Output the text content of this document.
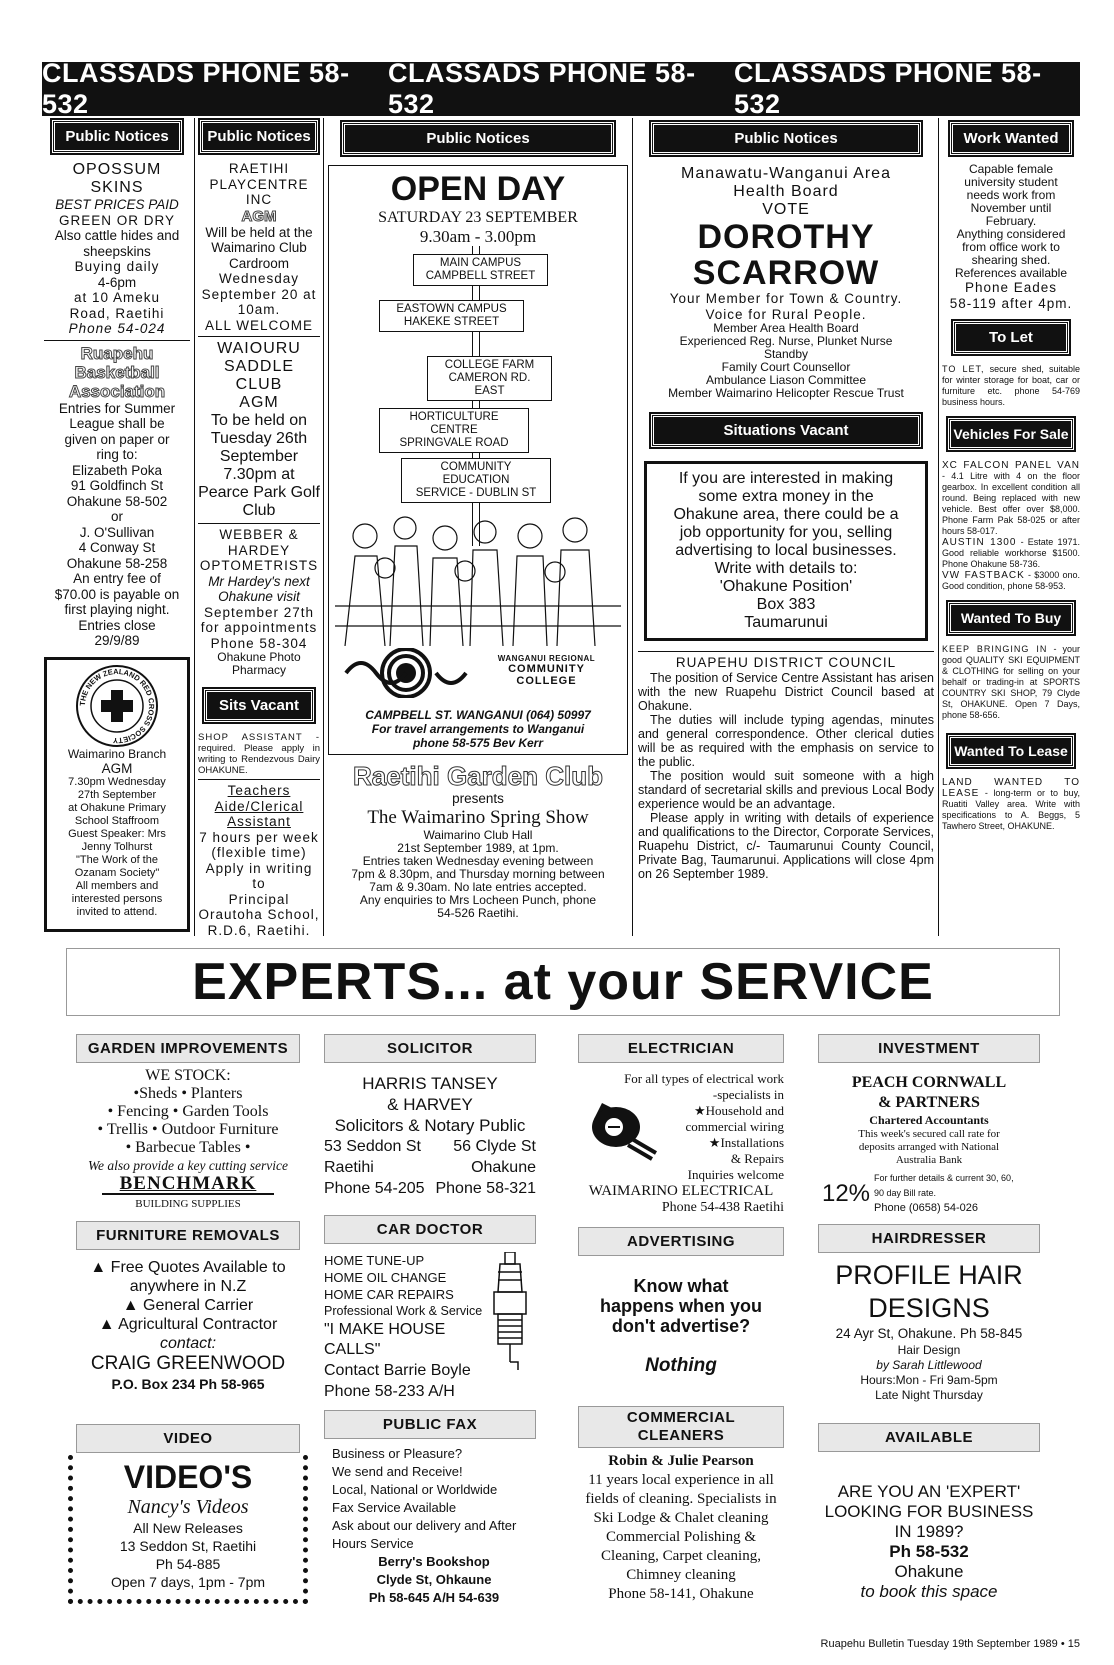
CLASSADS PHONE 58-532
CLASSADS PHONE 58-532
CLASSADS PHONE 58-532
Public Notices
OPOSSUM
SKINS
BEST PRICES PAID
GREEN OR DRY
Also cattle hides and
sheepskins
Buying daily
4-6pm
at 10 Ameku
Road, Raetihi
Phone 54-024
Ruapehu
Basketball
Association
Entries for Summer
League shall be
given on paper or
ring to:
Elizabeth Poka
91 Goldfinch St
Ohakune 58-502
or
J. O'Sullivan
4 Conway St
Ohakune 58-258
An entry fee of
$70.00 is payable on
first playing night.
Entries close
29/9/89
THE NEW ZEALAND RED CROSS SOCIETY
Waimarino Branch
AGM
7.30pm Wednesday
27th September
at Ohakune Primary
School Staffroom
Guest Speaker: Mrs
Jenny Tolhurst
"The Work of the
Ozanam Society"
All members and
interested persons
invited to attend.
Public Notices
RAETIHI
PLAYCENTRE
INC
AGM
Will be held at the
Waimarino Club
Cardroom
Wednesday
September 20 at
10am.
ALL WELCOME
WAIOURU
SADDLE
CLUB
AGM
To be held on
Tuesday 26th
September
7.30pm at
Pearce Park Golf
Club
WEBBER &
HARDEY
OPTOMETRISTS
Mr Hardey's next
Ohakune visit
September 27th
for appointments
Phone 58-304
Ohakune Photo
Pharmacy
Sits Vacant
SHOP ASSISTANT - required. Please apply in writing to Rendezvous Dairy OHAKUNE.
Teachers
Aide/Clerical
Assistant
7 hours per week
(flexible time)
Apply in writing to
Principal
Orautoha School,
R.D.6, Raetihi.
Public Notices
OPEN DAY
SATURDAY 23 SEPTEMBER
9.30am - 3.00pm
MAIN CAMPUS
CAMPBELL STREET
EASTOWN CAMPUS
HAKEKE STREET
COLLEGE FARM
CAMERON RD. EAST
HORTICULTURE CENTRE
SPRINGVALE ROAD
COMMUNITY EDUCATION
SERVICE - DUBLIN ST
WANGANUI REGIONAL
COMMUNITY
COLLEGE
CAMPBELL ST. WANGANUI (064) 50997
For travel arrangements to Wanganui
phone 58-575 Bev Kerr
Raetihi Garden Club
presents
The Waimarino Spring Show
Waimarino Club Hall
21st September 1989, at 1pm.
Entries taken Wednesday evening between
7pm & 8.30pm, and Thursday morning between
7am & 9.30am. No late entries accepted.
Any enquiries to Mrs Locheen Punch, phone
54-526 Raetihi.
Public Notices
Manawatu-Wanganui Area
Health Board
VOTE
DOROTHY
SCARROW
Your Member for Town & Country.
Voice for Rural People.
Member Area Health Board
Experienced Reg. Nurse, Plunket Nurse
Standby
Family Court Counsellor
Ambulance Liason Committee
Member Waimarino Helicopter Rescue Trust
Situations Vacant
If you are interested in making
some extra money in the
Ohakune area, there could be a
job opportunity for you, selling
advertising to local businesses.
Write with details to:
'Ohakune Position'
Box 383
Taumarunui
RUAPEHU DISTRICT COUNCIL

The position of Service Centre Assistant has arisen with the new Ruapehu District Council based at Ohakune.

The duties will include typing agendas, minutes and general correspondence. Other clerical duties will be as required with the emphasis on service to the public.

The position would suit someone with a high standard of secretarial skills and previous Local Body experience would be an advantage.

Please apply in writing with details of experience and qualifications to the Director, Corporate Services, Ruapehu District, c/- Taumarunui County Council, Private Bag, Taumarunui. Applications will close 4pm on 26 September 1989.

Work Wanted
Capable female
university student
needs work from
November until
February.
Anything considered
from office work to
shearing shed.
References available
Phone Eades
58-119 after 4pm.
To Let
TO LET, secure shed, suitable for winter storage for boat, car or furniture etc. phone 54-769 business hours.
Vehicles For Sale

XC FALCON PANEL VAN - 4.1 Litre with 4 on the floor gearbox. In excellent condition all round. Being replaced with new vehicle. Best offer over $8,000. Phone Farm Pak 58-025 or after hours 58-017.

AUSTIN 1300 - Estate 1971. Good reliable workhorse $1500. Phone Ohakune 58-736.

VW FASTBACK - $3000 ono. Good condition, phone 58-953.

Wanted To Buy
KEEP BRINGING IN - your good QUALITY SKI EQUIPMENT & CLOTHING for selling on your behalf or trading-in at SPORTS COUNTRY SKI SHOP, 79 Clyde St, OHAKUNE. Open 7 Days, phone 58-656.
Wanted To Lease
LAND WANTED TO LEASE - long-term or to buy, Ruatiti Valley area. Write with specifications to A. Beggs, 5 Tawhero Street, OHAKUNE.
EXPERTS... at your SERVICE
GARDEN IMPROVEMENTS
WE STOCK:
•Sheds • Planters
• Fencing • Garden Tools
• Trellis • Outdoor Furniture
• Barbecue Tables •
We also provide a key cutting service
BENCHMARK
BUILDING SUPPLIES
FURNITURE REMOVALS
▲ Free Quotes Available to
anywhere in N.Z
▲ General Carrier
▲ Agricultural Contractor
contact:
CRAIG GREENWOOD
P.O. Box 234 Ph 58-965
VIDEO
VIDEO'S
Nancy's Videos
All New Releases
13 Seddon St, Raetihi
Ph 54-885
Open 7 days, 1pm - 7pm
SOLICITOR
HARRIS TANSEY
& HARVEY
Solicitors & Notary Public
53 Seddon St	56 Clyde St
Raetihi	Ohakune
Phone 54-205 Phone 58-321
CAR DOCTOR
HOME TUNE-UP
HOME OIL CHANGE
HOME CAR REPAIRS
Professional Work & Service
"I MAKE HOUSE
CALLS"
Contact Barrie Boyle
Phone 58-233 A/H
PUBLIC FAX
Business or Pleasure?
We send and Receive!
Local, National or Worldwide
Fax Service Available
Ask about our delivery and After
Hours Service
Berry's Bookshop
Clyde St, Ohkaune
Ph 58-645 A/H 54-639
ELECTRICIAN
For all types of electrical work
-specialists in
★Household and
commercial wiring
★Installations
& Repairs
Inquiries welcome
WAIMARINO ELECTRICAL
Phone 54-438 Raetihi
ADVERTISING
Know what
happens when you
don't advertise?
Nothing
COMMERCIAL
CLEANERS
Robin & Julie Pearson
11 years local experience in all
fields of cleaning. Specialists in
Ski Lodge & Chalet cleaning
Commercial Polishing &
Cleaning, Carpet cleaning,
Chimney cleaning
Phone 58-141, Ohakune
INVESTMENT
PEACH CORNWALL
& PARTNERS
Chartered Accountants
This week's secured call rate for
deposits arranged with National
Australia Bank
12%
For further details & current 30, 60,
90 day Bill rate.
Phone (0658) 54-026
HAIRDRESSER
PROFILE HAIR
DESIGNS
24 Ayr St, Ohakune. Ph 58-845
Hair Design
by Sarah Littlewood
Hours:Mon - Fri 9am-5pm
Late Night Thursday
AVAILABLE
ARE YOU AN 'EXPERT'
LOOKING FOR BUSINESS
IN 1989?
Ph 58-532
Ohakune
to book this space
Ruapehu Bulletin Tuesday 19th September 1989 • 15
